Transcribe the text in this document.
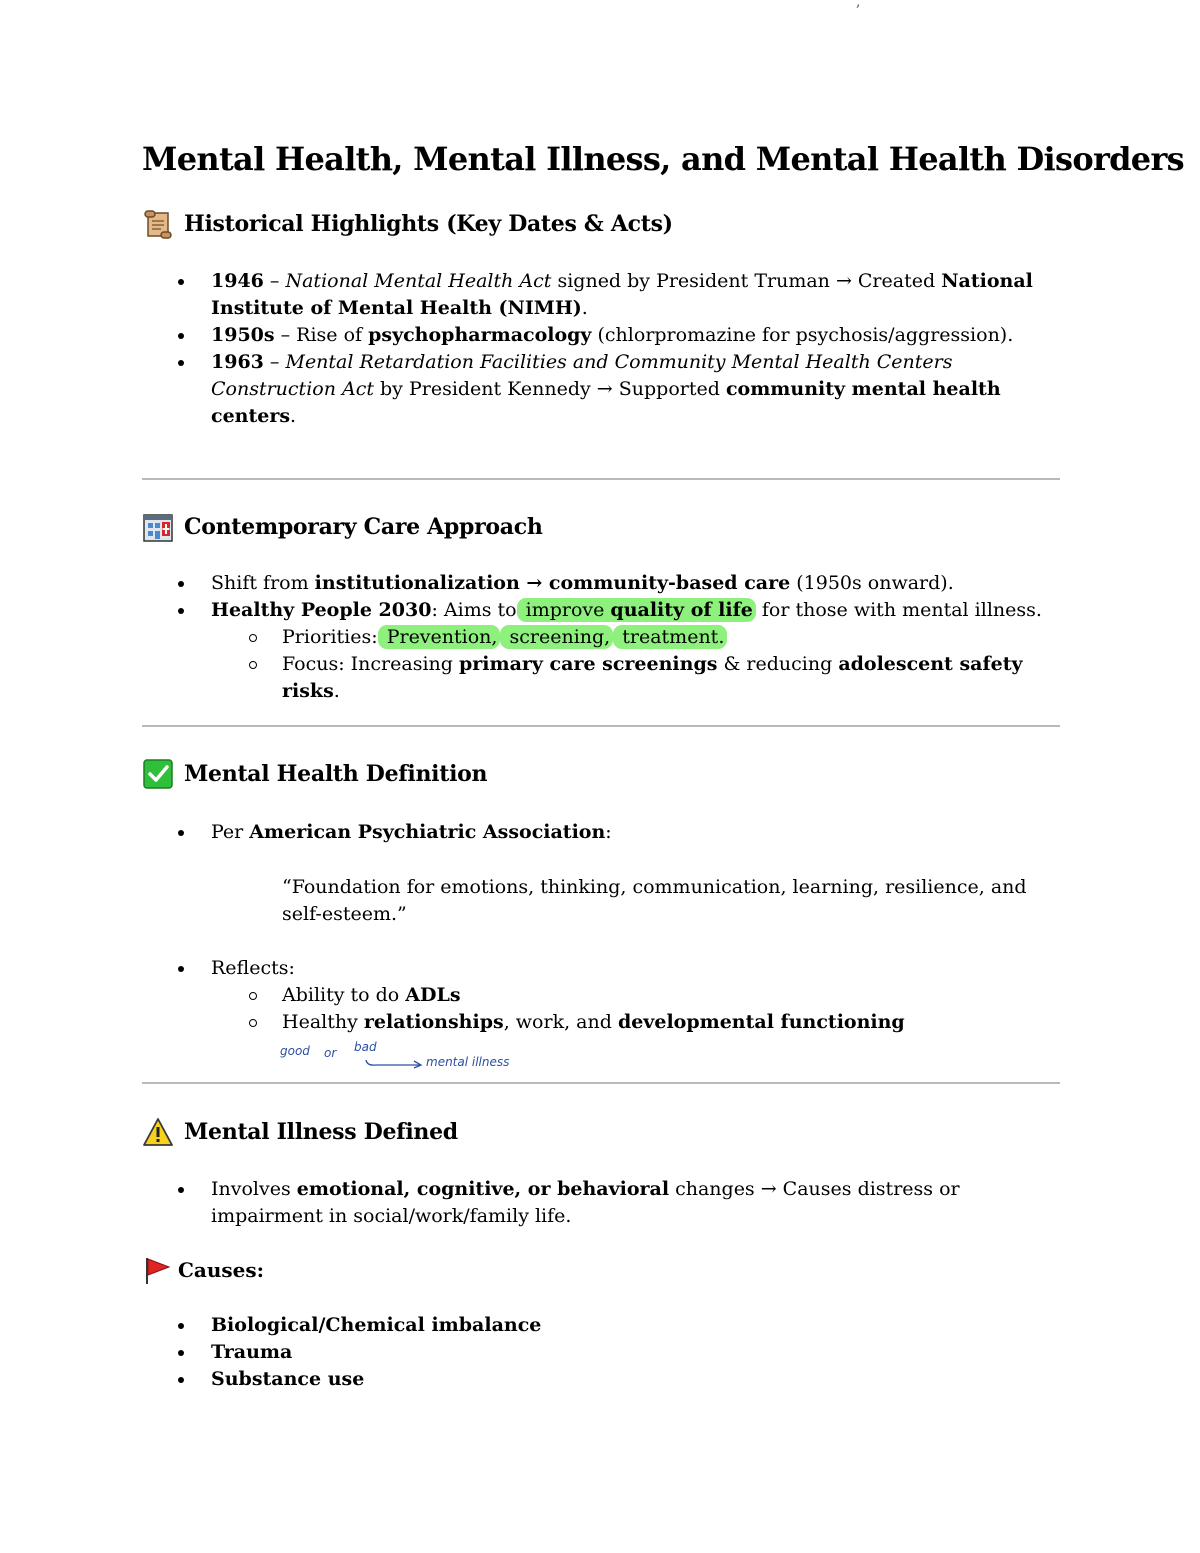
,
Mental Health, Mental Illness, and Mental Health Disorders
Historical Highlights (Key Dates & Acts)
1946 – National Mental Health Act signed by President Truman → Created National Institute of Mental Health (NIMH).
1950s – Rise of psychopharmacology (chlorpromazine for psychosis/aggression).
1963 – Mental Retardation Facilities and Community Mental Health Centers Construction Act by President Kennedy → Supported community mental health centers.
Contemporary Care Approach
Shift from institutionalization → community-based care (1950s onward).
Healthy People 2030: Aims to improve quality of life for those with mental illness.
Priorities: Prevention, screening, treatment.
Focus: Increasing primary care screenings & reducing adolescent safety risks.
Mental Health Definition
Per American Psychiatric Association:

“Foundation for emotions, thinking, communication, learning, resilience, and self-esteem.”

Reflects:
Ability to do ADLs
Healthy relationships, work, and developmental functioning
good or bad
mental illness
Mental Illness Defined
Involves emotional, cognitive, or behavioral changes → Causes distress or impairment in social/work/family life.
Causes:
Biological/Chemical imbalance
Trauma
Substance use
